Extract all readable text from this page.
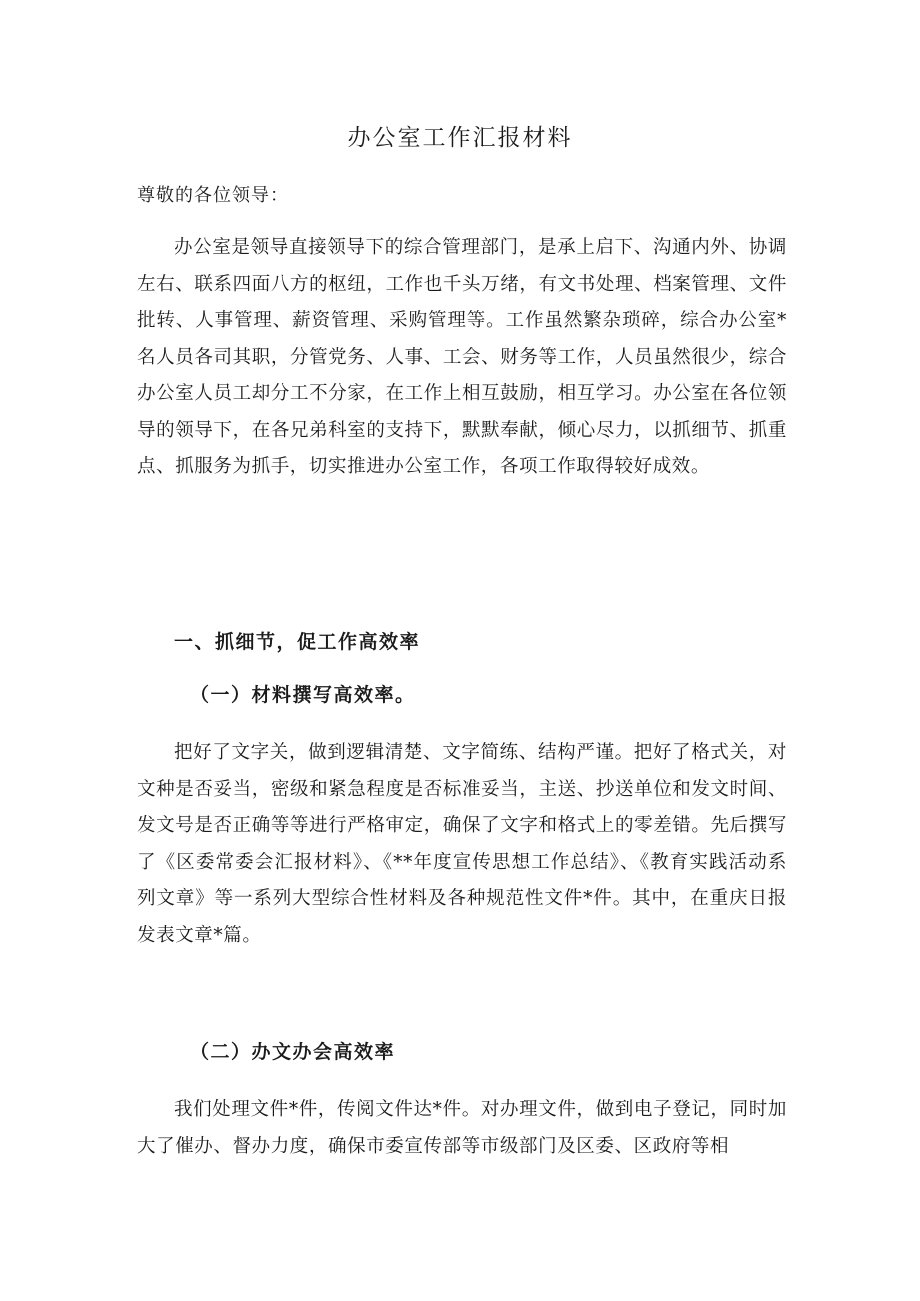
办公室工作汇报材料
尊敬的各位领导：

办公室是领导直接领导下的综合管理部门，是承上启下、沟通内外、协调左右、联系四面八方的枢纽，工作也千头万绪，有文书处理、档案管理、文件批转、人事管理、薪资管理、采购管理等。工作虽然繁杂琐碎，综合办公室*名人员各司其职，分管党务、人事、工会、财务等工作，人员虽然很少，综合办公室人员工却分工不分家，在工作上相互鼓励，相互学习。办公室在各位领导的领导下，在各兄弟科室的支持下，默默奉献，倾心尽力，以抓细节、抓重点、抓服务为抓手，切实推进办公室工作，各项工作取得较好成效。

一、抓细节，促工作高效率
（一）材料撰写高效率。

把好了文字关，做到逻辑清楚、文字简练、结构严谨。把好了格式关，对文种是否妥当，密级和紧急程度是否标准妥当，主送、抄送单位和发文时间、发文号是否正确等等进行严格审定，确保了文字和格式上的零差错。先后撰写了《区委常委会汇报材料》、《**年度宣传思想工作总结》、《教育实践活动系列文章》等一系列大型综合性材料及各种规范性文件*件。其中，在重庆日报发表文章*篇。

（二）办文办会高效率

我们处理文件*件，传阅文件达*件。对办理文件，做到电子登记，同时加大了催办、督办力度，确保市委宣传部等市级部门及区委、区政府等相
